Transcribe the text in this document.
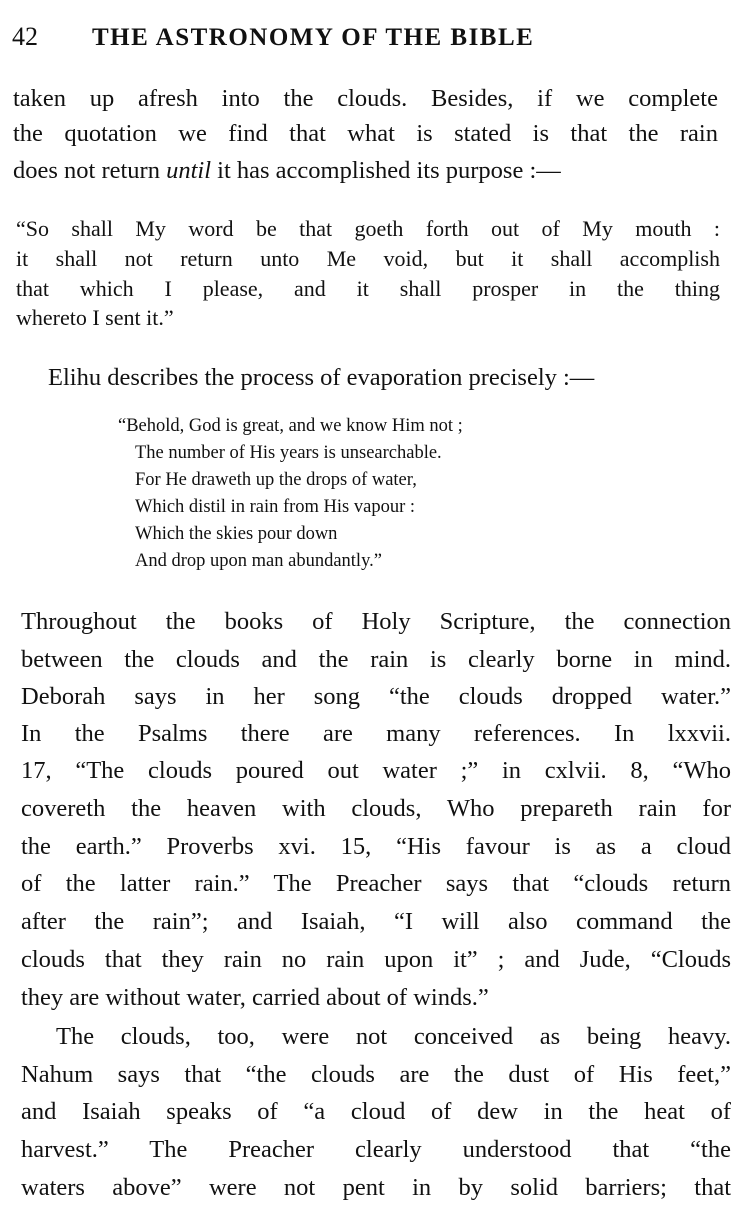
42	THE ASTRONOMY OF THE BIBLE
taken up afresh into the clouds. Besides, if we complete
the quotation we find that what is stated is that the rain
does not return until it has accomplished its purpose :—
“So shall My word be that goeth forth out of My mouth :
it shall not return unto Me void, but it shall accomplish
that which I please, and it shall prosper in the thing
whereto I sent it.”
Elihu describes the process of evaporation precisely :—
“Behold, God is great, and we know Him not ;
The number of His years is unsearchable.
For He draweth up the drops of water,
Which distil in rain from His vapour :
Which the skies pour down
And drop upon man abundantly.”
Throughout the books of Holy Scripture, the connection
between the clouds and the rain is clearly borne in mind.
Deborah says in her song “the clouds dropped water.”
In the Psalms there are many references. In lxxvii.
17, “The clouds poured out water ;” in cxlvii. 8, “Who
covereth the heaven with clouds, Who prepareth rain for
the earth.” Proverbs xvi. 15, “His favour is as a cloud
of the latter rain.” The Preacher says that “clouds return
after the rain”; and Isaiah, “I will also command the
clouds that they rain no rain upon it” ; and Jude, “Clouds
they are without water, carried about of winds.”
The clouds, too, were not conceived as being heavy.
Nahum says that “the clouds are the dust of His feet,”
and Isaiah speaks of “a cloud of dew in the heat of
harvest.” The Preacher clearly understood that “the
waters above” were not pent in by solid barriers; that
